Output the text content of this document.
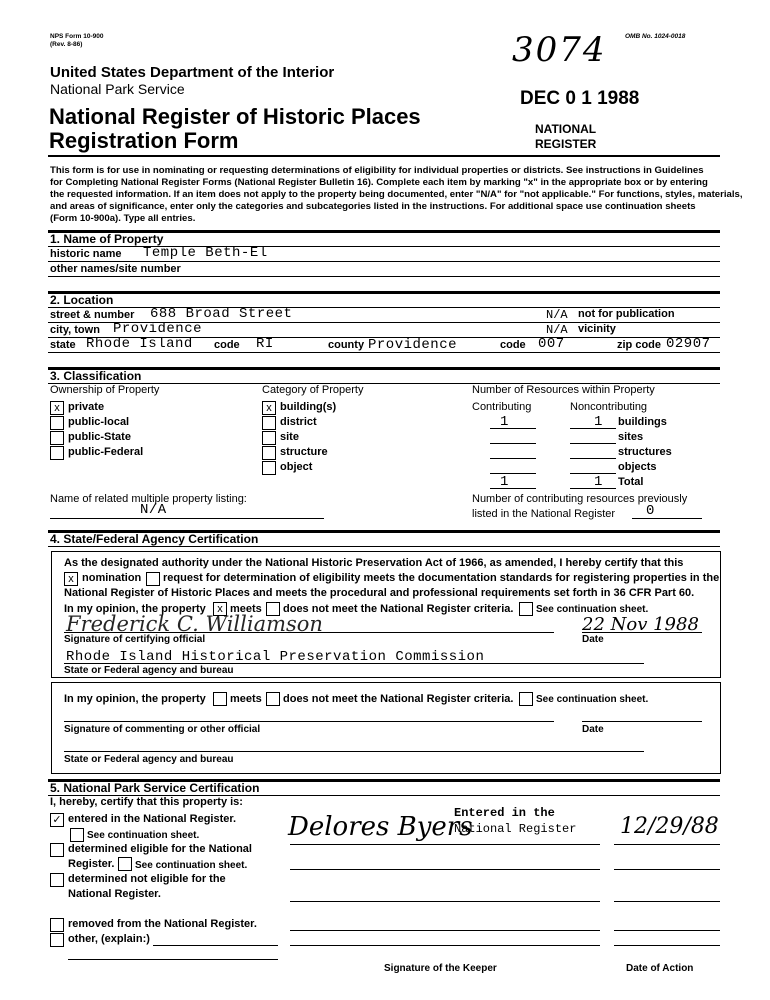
NPS Form 10-900
(Rev. 8-86)
OMB No. 1024-0018
3074
DEC 0 1 1988
NATIONAL
REGISTER
United States Department of the Interior
National Park Service
National Register of Historic Places
Registration Form
This form is for use in nominating or requesting determinations of eligibility for individual properties or districts. See instructions in Guidelines
for Completing National Register Forms (National Register Bulletin 16). Complete each item by marking "x" in the appropriate box or by entering
the requested information. If an item does not apply to the property being documented, enter "N/A" for "not applicable." For functions, styles, materials,
and areas of significance, enter only the categories and subcategories listed in the instructions. For additional space use continuation sheets
(Form 10-900a). Type all entries.
1. Name of Property
historic name Temple Beth-El
other names/site number
2. Location
street & number 688 Broad Street	N/A not for publication
city, town Providence	N/A vicinity
state Rhode Island code RI	county Providence	code 007	zip code 02907
3. Classification
Ownership of Property	Category of Property	Number of Resources within Property
x private
public-local
public-State
public-Federal
x building(s)
district
site
structure
object
Contributing	Noncontributing
1	1 buildings
sites
structures
objects
1	1 Total
Name of related multiple property listing:
N/A
Number of contributing resources previously
listed in the National Register 0
4. State/Federal Agency Certification
As the designated authority under the National Historic Preservation Act of 1966, as amended, I hereby certify that this
x nomination request for determination of eligibility meets the documentation standards for registering properties in the
National Register of Historic Places and meets the procedural and professional requirements set forth in 36 CFR Part 60.
In my opinion, the property	x meets does not meet the National Register criteria. See continuation sheet.
Frederick C. Williamson	22 Nov 1988
Signature of certifying official	Date
Rhode Island Historical Preservation Commission
State or Federal agency and bureau
In my opinion, the property meets does not meet the National Register criteria. See continuation sheet.
Signature of commenting or other official	Date
State or Federal agency and bureau
5. National Park Service Certification
I, hereby, certify that this property is:
✓ entered in the National Register.
See continuation sheet.
determined eligible for the National
Register. See continuation sheet.
determined not eligible for the
National Register.
removed from the National Register.
other, (explain:)
Delores Byers
Entered in the
National Register 12/29/88
Signature of the Keeper	Date of Action
